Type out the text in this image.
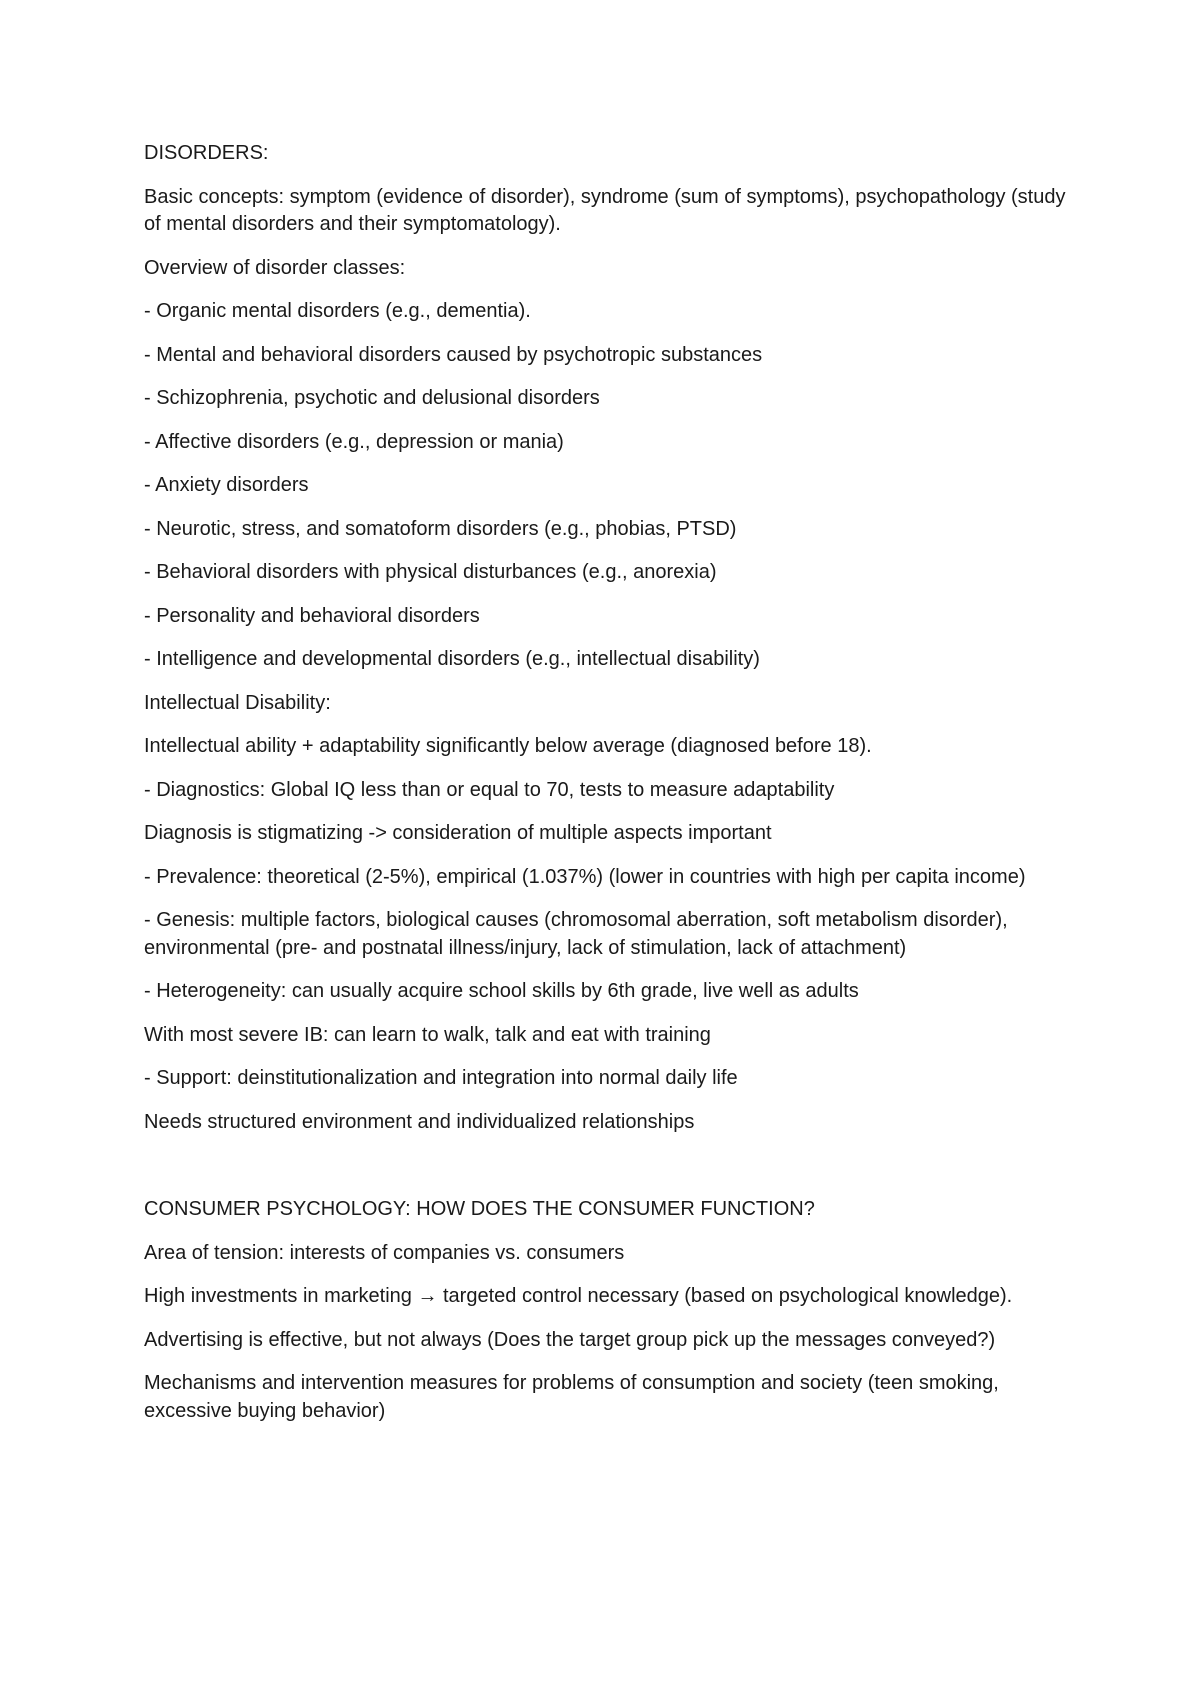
DISORDERS:

Basic concepts: symptom (evidence of disorder), syndrome (sum of symptoms), psychopathology (study of mental disorders and their symptomatology).

Overview of disorder classes:

- Organic mental disorders (e.g., dementia).

- Mental and behavioral disorders caused by psychotropic substances

- Schizophrenia, psychotic and delusional disorders

- Affective disorders (e.g., depression or mania)

- Anxiety disorders

- Neurotic, stress, and somatoform disorders (e.g., phobias, PTSD)

- Behavioral disorders with physical disturbances (e.g., anorexia)

- Personality and behavioral disorders

- Intelligence and developmental disorders (e.g., intellectual disability)

Intellectual Disability:

Intellectual ability + adaptability significantly below average (diagnosed before 18).

- Diagnostics: Global IQ less than or equal to 70, tests to measure adaptability

Diagnosis is stigmatizing -> consideration of multiple aspects important

- Prevalence: theoretical (2-5%), empirical (1.037%) (lower in countries with high per capita income)

- Genesis: multiple factors, biological causes (chromosomal aberration, soft metabolism disorder), environmental (pre- and postnatal illness/injury, lack of stimulation, lack of attachment)

- Heterogeneity: can usually acquire school skills by 6th grade, live well as adults

With most severe IB: can learn to walk, talk and eat with training

- Support: deinstitutionalization and integration into normal daily life

Needs structured environment and individualized relationships

CONSUMER PSYCHOLOGY: HOW DOES THE CONSUMER FUNCTION?

Area of tension: interests of companies vs. consumers

High investments in marketing → targeted control necessary (based on psychological knowledge).

Advertising is effective, but not always (Does the target group pick up the messages conveyed?)

Mechanisms and intervention measures for problems of consumption and society (teen smoking, excessive buying behavior)
